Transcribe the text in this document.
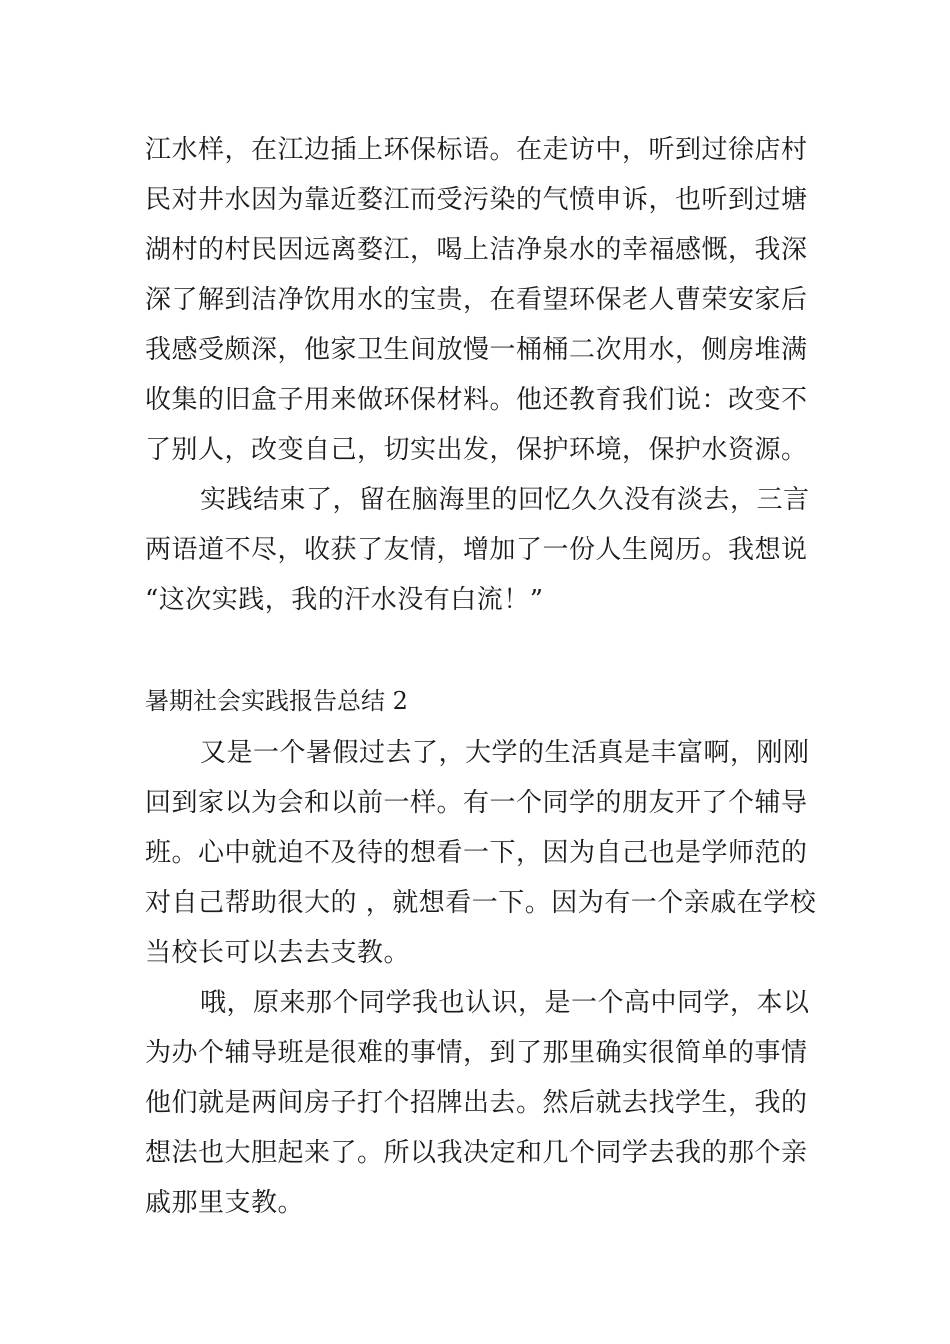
江水样，在江边插上环保标语。在走访中，听到过徐店村
民对井水因为靠近婺江而受污染的气愤申诉，也听到过塘
湖村的村民因远离婺江，喝上洁净泉水的幸福感慨，我深
深了解到洁净饮用水的宝贵，在看望环保老人曹荣安家后
我感受颇深，他家卫生间放慢一桶桶二次用水，侧房堆满
收集的旧盒子用来做环保材料。他还教育我们说：改变不
了别人，改变自己，切实出发，保护环境，保护水资源。
实践结束了，留在脑海里的回忆久久没有淡去，三言
两语道不尽，收获了友情，增加了一份人生阅历。我想说
“这次实践，我的汗水没有白流！”
暑期社会实践报告总结 2
又是一个暑假过去了，大学的生活真是丰富啊，刚刚
回到家以为会和以前一样。有一个同学的朋友开了个辅导
班。心中就迫不及待的想看一下，因为自己也是学师范的
对自己帮助很大的 ，就想看一下。因为有一个亲戚在学校
当校长可以去去支教。
哦，原来那个同学我也认识，是一个高中同学，本以
为办个辅导班是很难的事情，到了那里确实很简单的事情
他们就是两间房子打个招牌出去。然后就去找学生，我的
想法也大胆起来了。所以我决定和几个同学去我的那个亲
戚那里支教。
